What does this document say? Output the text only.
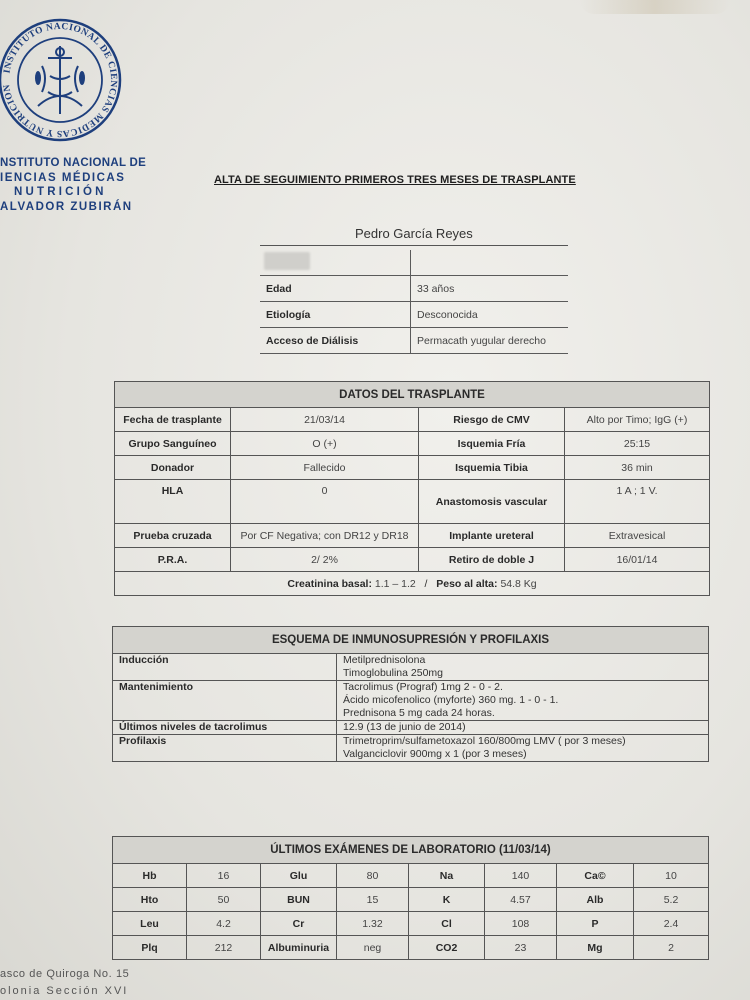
INSTITUTO NACIONAL DE CIENCIAS MEDICAS Y NUTRICION
NSTITUTO NACIONAL DE
IENCIAS MÉDICAS
NUTRICIÓN
ALVADOR ZUBIRÁN
ALTA DE SEGUIMIENTO PRIMEROS TRES MESES DE TRASPLANTE
Pedro García Reyes

Edad	33 años
Etiología	Desconocida
Acceso de Diálisis	Permacath yugular derecho
DATOS DEL TRASPLANTE			
Fecha de trasplante	21/03/14	Riesgo de CMV	Alto por Timo; IgG (+)
Grupo Sanguíneo	O (+)	Isquemia Fría	25:15
Donador	Fallecido	Isquemia Tibia	36 min
HLA	0	Anastomosis vascular	1 A ; 1 V.
Prueba cruzada	Por CF Negativa; con DR12 y DR18	Implante ureteral	Extravesical
P.R.A.	2/ 2%	Retiro de doble J	16/01/14
Creatinina basal: 1.1 – 1.2 / Peso al alta: 54.8 Kg			
ESQUEMA DE INMUNOSUPRESIÓN Y PROFILAXIS	
Inducción	Metilprednisolona
Timoglobulina 250mg

Mantenimiento	Tacrolimus (Prograf) 1mg 2 - 0 - 2.
Ácido micofenolico (myforte) 360 mg. 1 - 0 - 1.
Prednisona 5 mg cada 24 horas.

Últimos niveles de tacrolimus	12.9 (13 de junio de 2014)

Profilaxis	Trimetroprim/sulfametoxazol 160/800mg LMV ( por 3 meses)
Valganciclovir 900mg x 1 (por 3 meses)
ÚLTIMOS EXÁMENES DE LABORATORIO (11/03/14)							
Hb	16	Glu	80	Na	140	Ca©	10
Hto	50	BUN	15	K	4.57	Alb	5.2
Leu	4.2	Cr	1.32	Cl	108	P	2.4
Plq	212	Albuminuria	neg	CO2	23	Mg	2
asco de Quiroga No. 15
olonia Sección XVI
